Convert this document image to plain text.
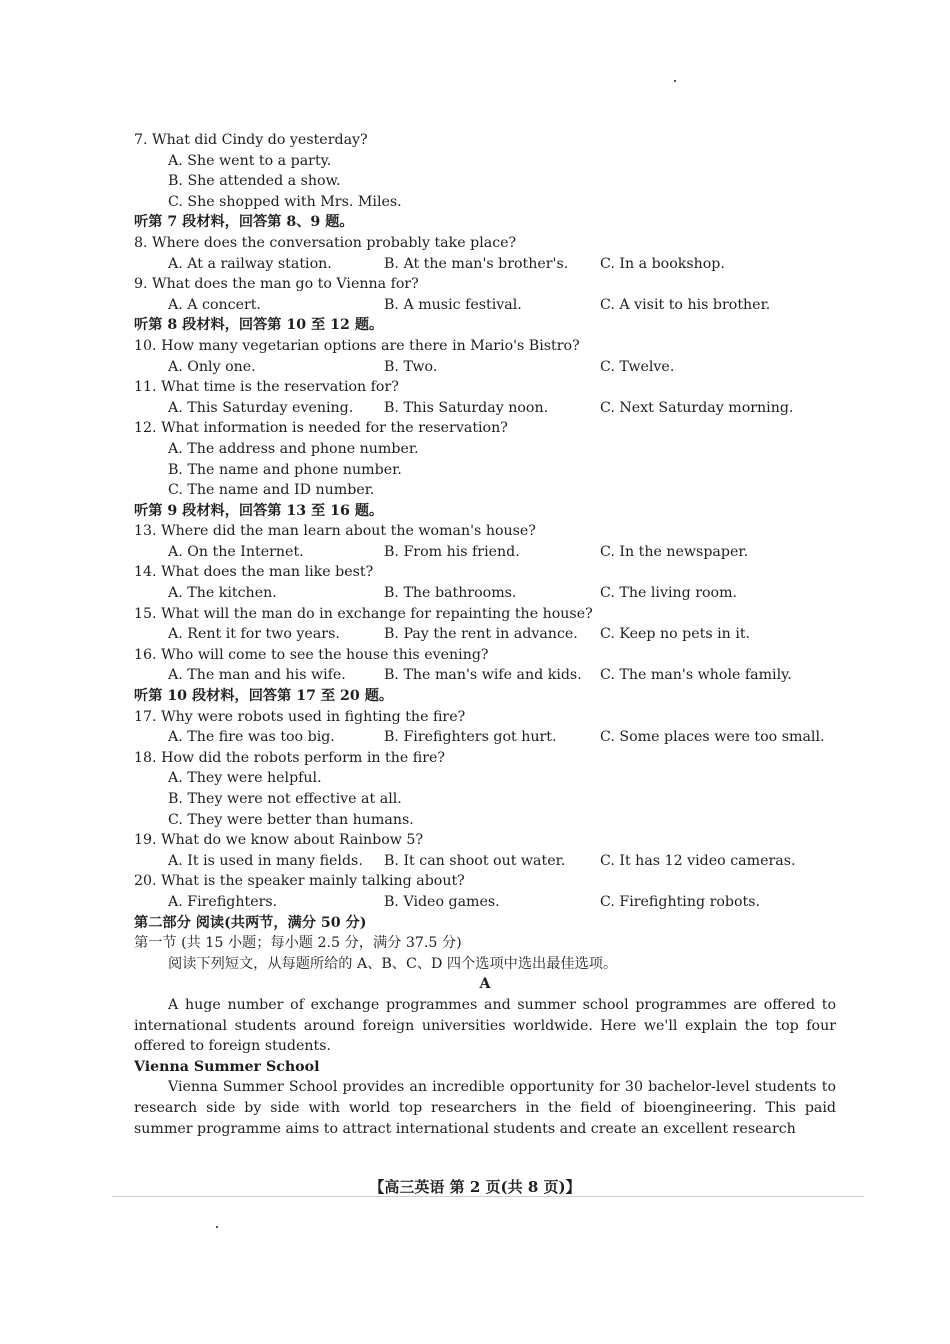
7. What did Cindy do yesterday?
A. She went to a party.
B. She attended a show.
C. She shopped with Mrs. Miles.
听第 7 段材料，回答第 8、9 题。
8. Where does the conversation probably take place?
A. At a railway station.	B. At the man's brother's.	C. In a bookshop.
9. What does the man go to Vienna for?
A. A concert.	B. A music festival.	C. A visit to his brother.
听第 8 段材料，回答第 10 至 12 题。
10. How many vegetarian options are there in Mario's Bistro?
A. Only one.	B. Two.	C. Twelve.
11. What time is the reservation for?
A. This Saturday evening.	B. This Saturday noon.	C. Next Saturday morning.
12. What information is needed for the reservation?
A. The address and phone number.
B. The name and phone number.
C. The name and ID number.
听第 9 段材料，回答第 13 至 16 题。
13. Where did the man learn about the woman's house?
A. On the Internet.	B. From his friend.	C. In the newspaper.
14. What does the man like best?
A. The kitchen.	B. The bathrooms.	C. The living room.
15. What will the man do in exchange for repainting the house?
A. Rent it for two years.	B. Pay the rent in advance.	C. Keep no pets in it.
16. Who will come to see the house this evening?
A. The man and his wife.	B. The man's wife and kids.	C. The man's whole family.
听第 10 段材料，回答第 17 至 20 题。
17. Why were robots used in fighting the fire?
A. The fire was too big.	B. Firefighters got hurt.	C. Some places were too small.
18. How did the robots perform in the fire?
A. They were helpful.
B. They were not effective at all.
C. They were better than humans.
19. What do we know about Rainbow 5?
A. It is used in many fields.	B. It can shoot out water.	C. It has 12 video cameras.
20. What is the speaker mainly talking about?
A. Firefighters.	B. Video games.	C. Firefighting robots.
第二部分 阅读(共两节，满分 50 分)
第一节 (共 15 小题；每小题 2.5 分，满分 37.5 分)
阅读下列短文，从每题所给的 A、B、C、D 四个选项中选出最佳选项。
A

A huge number of exchange programmes and summer school programmes are offered to international students around foreign universities worldwide. Here we'll explain the top four offered to foreign students.

Vienna Summer School

Vienna Summer School provides an incredible opportunity for 30 bachelor-level students to research side by side with world top researchers in the field of bioengineering. This paid summer programme aims to attract international students and create an excellent research

【高三英语 第 2 页(共 8 页)】
